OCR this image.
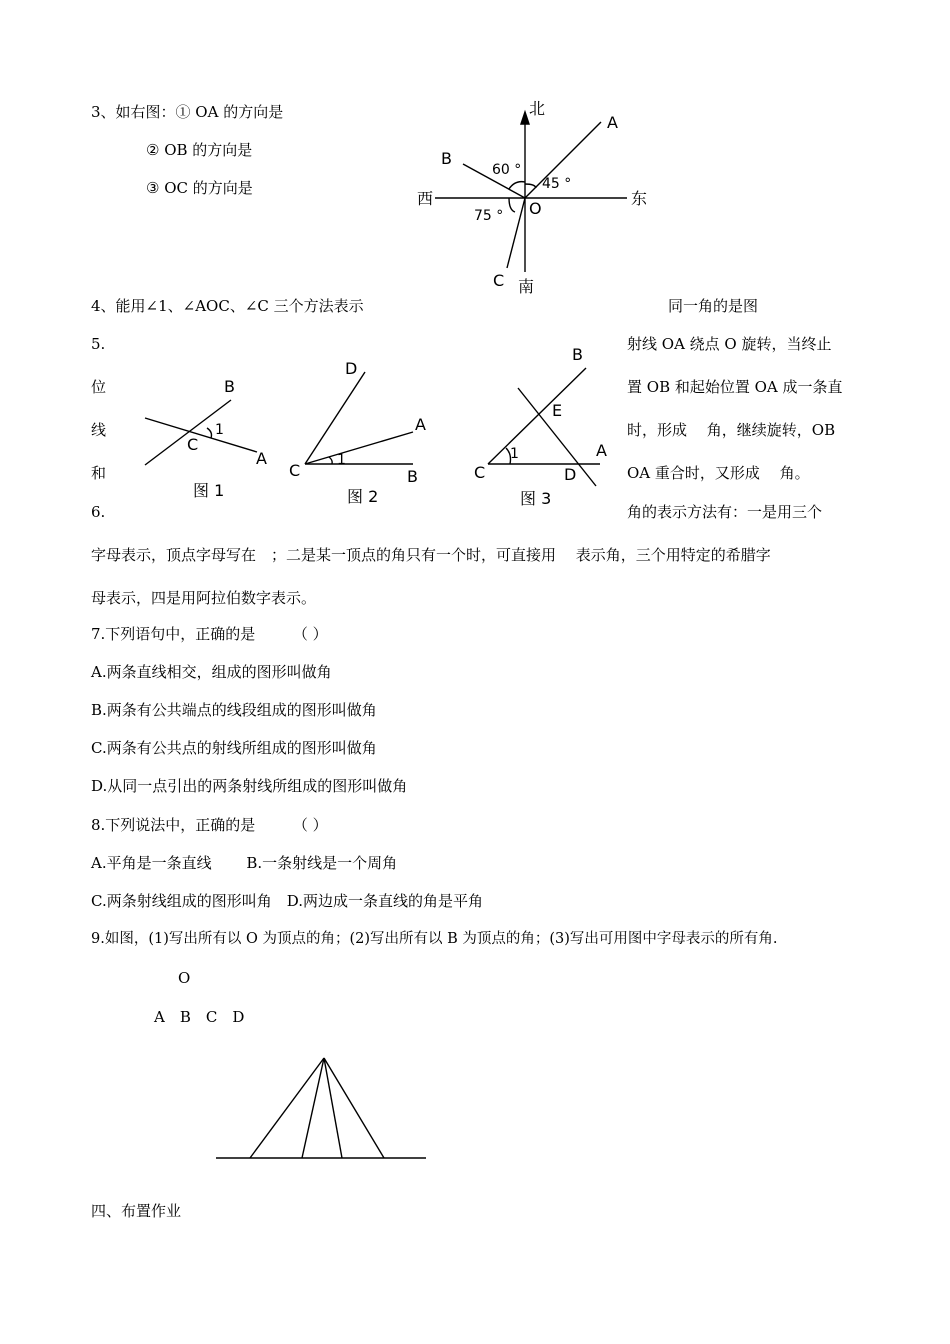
3、如右图：① OA 的方向是
② OB 的方向是
③ OC 的方向是
北
西	东
南
A
B
C
O
60 °
45 °
75 °
4、能用∠1、∠AOC、∠C 三个方法表示	同一角的是图
5.
位
线
和
射线 OA 绕点 O 旋转，当终止
置 OB 和起始位置 OA 成一条直
时，形成　 角，继续旋转，OB
OA 重合时，又形成　 角。
B
A
C
1
图 1
D
A
B
C
1
图 2
B
E
A
D
C
1
图 3
6.	角的表示方法有：一是用三个
字母表示，顶点字母写在　；二是某一顶点的角只有一个时，可直接用　 表示角，三个用特定的希腊字
母表示，四是用阿拉伯数字表示。
7.下列语句中，正确的是　　　（ ）
A.两条直线相交，组成的图形叫做角
B.两条有公共端点的线段组成的图形叫做角
C.两条有公共点的射线所组成的图形叫做角
D.从同一点引出的两条射线所组成的图形叫做角
8.下列说法中，正确的是　　　（ ）
A.平角是一条直线　　 B.一条射线是一个周角
C.两条射线组成的图形叫角　D.两边成一条直线的角是平角
9.如图，(1)写出所有以 O 为顶点的角；(2)写出所有以 B 为顶点的角；(3)写出可用图中字母表示的所有角.
O
A　B　C　D
四、布置作业
